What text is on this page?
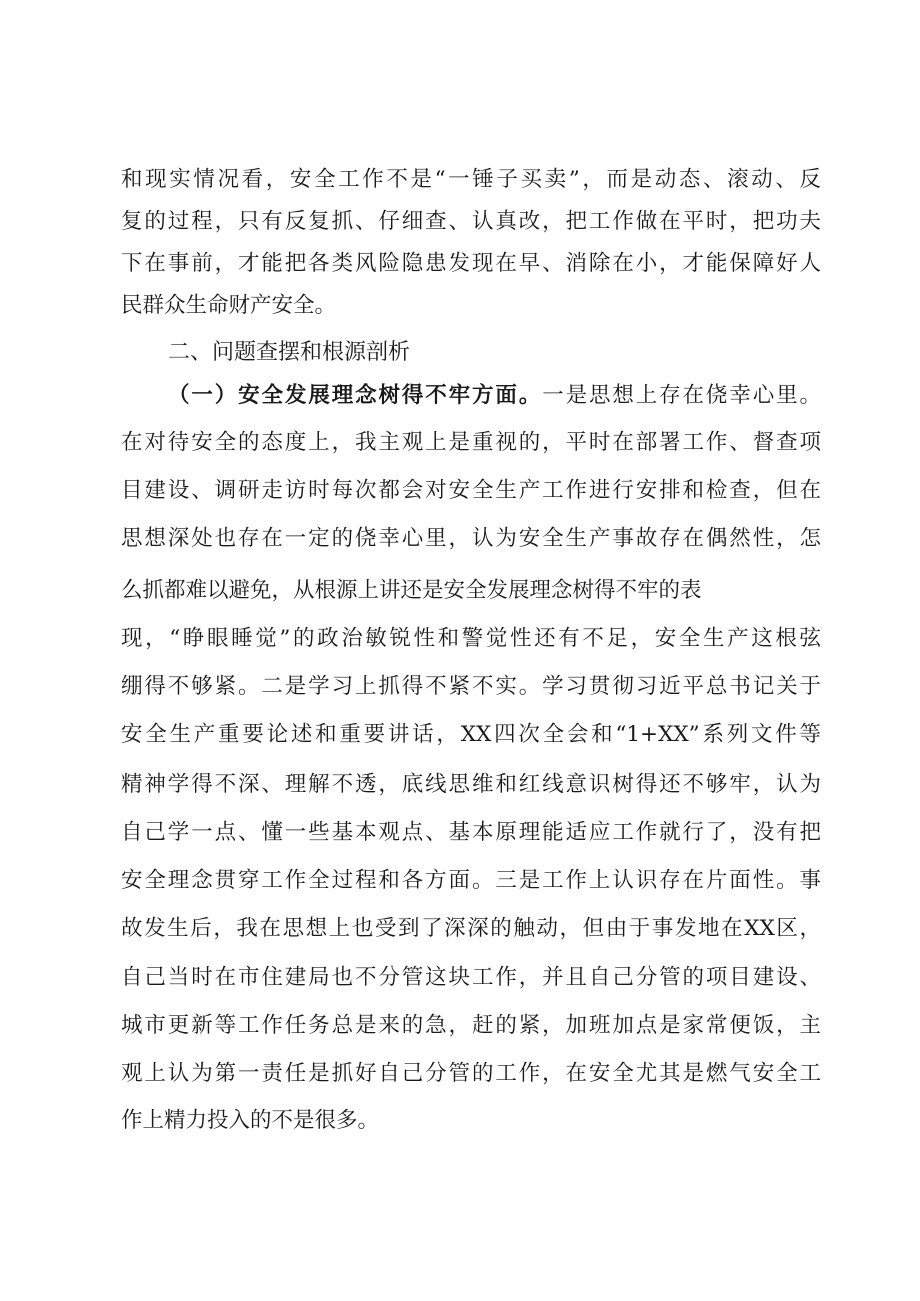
和现实情况看，安全工作不是“一锤子买卖”，而是动态、滚动、反
复的过程，只有反复抓、仔细查、认真改，把工作做在平时，把功夫
下在事前，才能把各类风险隐患发现在早、消除在小，才能保障好人
民群众生命财产安全。
二、问题查摆和根源剖析
（一）安全发展理念树得不牢方面。一是思想上存在侥幸心里。
在对待安全的态度上，我主观上是重视的，平时在部署工作、督查项
目建设、调研走访时每次都会对安全生产工作进行安排和检查，但在
思想深处也存在一定的侥幸心里，认为安全生产事故存在偶然性，怎
么抓都难以避免，从根源上讲还是安全发展理念树得不牢的表
现，“睁眼睡觉”的政治敏锐性和警觉性还有不足，安全生产这根弦
绷得不够紧。二是学习上抓得不紧不实。学习贯彻习近平总书记关于
安全生产重要论述和重要讲话，XX四次全会和“1+XX”系列文件等
精神学得不深、理解不透，底线思维和红线意识树得还不够牢，认为
自己学一点、懂一些基本观点、基本原理能适应工作就行了，没有把
安全理念贯穿工作全过程和各方面。三是工作上认识存在片面性。事
故发生后，我在思想上也受到了深深的触动，但由于事发地在XX区，
自己当时在市住建局也不分管这块工作，并且自己分管的项目建设、
城市更新等工作任务总是来的急，赶的紧，加班加点是家常便饭，主
观上认为第一责任是抓好自己分管的工作，在安全尤其是燃气安全工
作上精力投入的不是很多。
